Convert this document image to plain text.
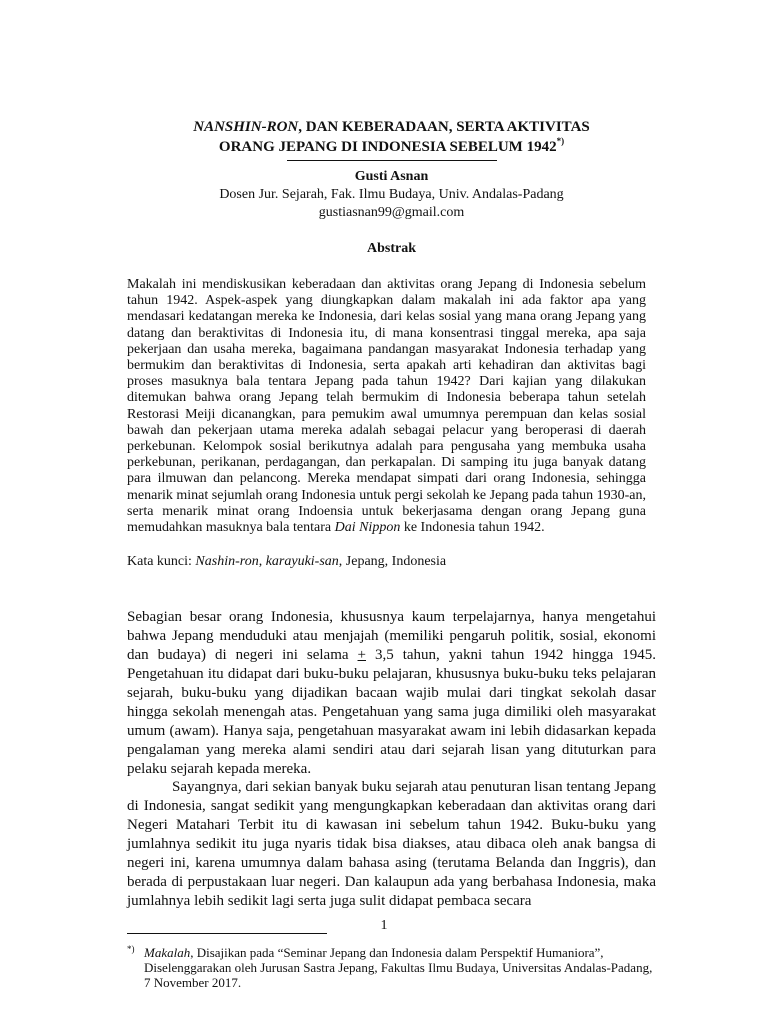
NANSHIN-RON, DAN KEBERADAAN, SERTA AKTIVITAS
ORANG JEPANG DI INDONESIA SEBELUM 1942*)
Gusti Asnan
Dosen Jur. Sejarah, Fak. Ilmu Budaya, Univ. Andalas-Padang
gustiasnan99@gmail.com
Abstrak

Makalah ini mendiskusikan keberadaan dan aktivitas orang Jepang di Indonesia sebelum tahun 1942. Aspek-aspek yang diungkapkan dalam makalah ini ada faktor apa yang mendasari kedatangan mereka ke Indonesia, dari kelas sosial yang mana orang Jepang yang datang dan beraktivitas di Indonesia itu, di mana konsentrasi tinggal mereka, apa saja pekerjaan dan usaha mereka, bagaimana pandangan masyarakat Indonesia terhadap yang bermukim dan beraktivitas di Indonesia, serta apakah arti kehadiran dan aktivitas bagi proses masuknya bala tentara Jepang pada tahun 1942? Dari kajian yang dilakukan ditemukan bahwa orang Jepang telah bermukim di Indonesia beberapa tahun setelah Restorasi Meiji dicanangkan, para pemukim awal umumnya perempuan dan kelas sosial bawah dan pekerjaan utama mereka adalah sebagai pelacur yang beroperasi di daerah perkebunan. Kelompok sosial berikutnya adalah para pengusaha yang membuka usaha perkebunan, perikanan, perdagangan, dan perkapalan. Di samping itu juga banyak datang para ilmuwan dan pelancong. Mereka mendapat simpati dari orang Indonesia, sehingga menarik minat sejumlah orang Indonesia untuk pergi sekolah ke Jepang pada tahun 1930-an, serta menarik minat orang Indoensia untuk bekerjasama dengan orang Jepang guna memudahkan masuknya bala tentara Dai Nippon ke Indonesia tahun 1942.

Kata kunci: Nashin-ron, karayuki-san, Jepang, Indonesia

Sebagian besar orang Indonesia, khususnya kaum terpelajarnya, hanya mengetahui bahwa Jepang menduduki atau menjajah (memiliki pengaruh politik, sosial, ekonomi dan budaya) di negeri ini selama + 3,5 tahun, yakni tahun 1942 hingga 1945. Pengetahuan itu didapat dari buku-buku pelajaran, khususnya buku-buku teks pelajaran sejarah, buku-buku yang dijadikan bacaan wajib mulai dari tingkat sekolah dasar hingga sekolah menengah atas. Pengetahuan yang sama juga dimiliki oleh masyarakat umum (awam). Hanya saja, pengetahuan masyarakat awam ini lebih didasarkan kepada pengalaman yang mereka alami sendiri atau dari sejarah lisan yang dituturkan para pelaku sejarah kepada mereka.

Sayangnya, dari sekian banyak buku sejarah atau penuturan lisan tentang Jepang di Indonesia, sangat sedikit yang mengungkapkan keberadaan dan aktivitas orang dari Negeri Matahari Terbit itu di kawasan ini sebelum tahun 1942. Buku-buku yang jumlahnya sedikit itu juga nyaris tidak bisa diakses, atau dibaca oleh anak bangsa di negeri ini, karena umumnya dalam bahasa asing (terutama Belanda dan Inggris), dan berada di perpustakaan luar negeri. Dan kalaupun ada yang berbahasa Indonesia, maka jumlahnya lebih sedikit lagi serta juga sulit didapat pembaca secara

*) Makalah, Disajikan pada “Seminar Jepang dan Indonesia dalam Perspektif Humaniora”, Diselenggarakan oleh Jurusan Sastra Jepang, Fakultas Ilmu Budaya, Universitas Andalas-Padang, 7 November 2017.
1
